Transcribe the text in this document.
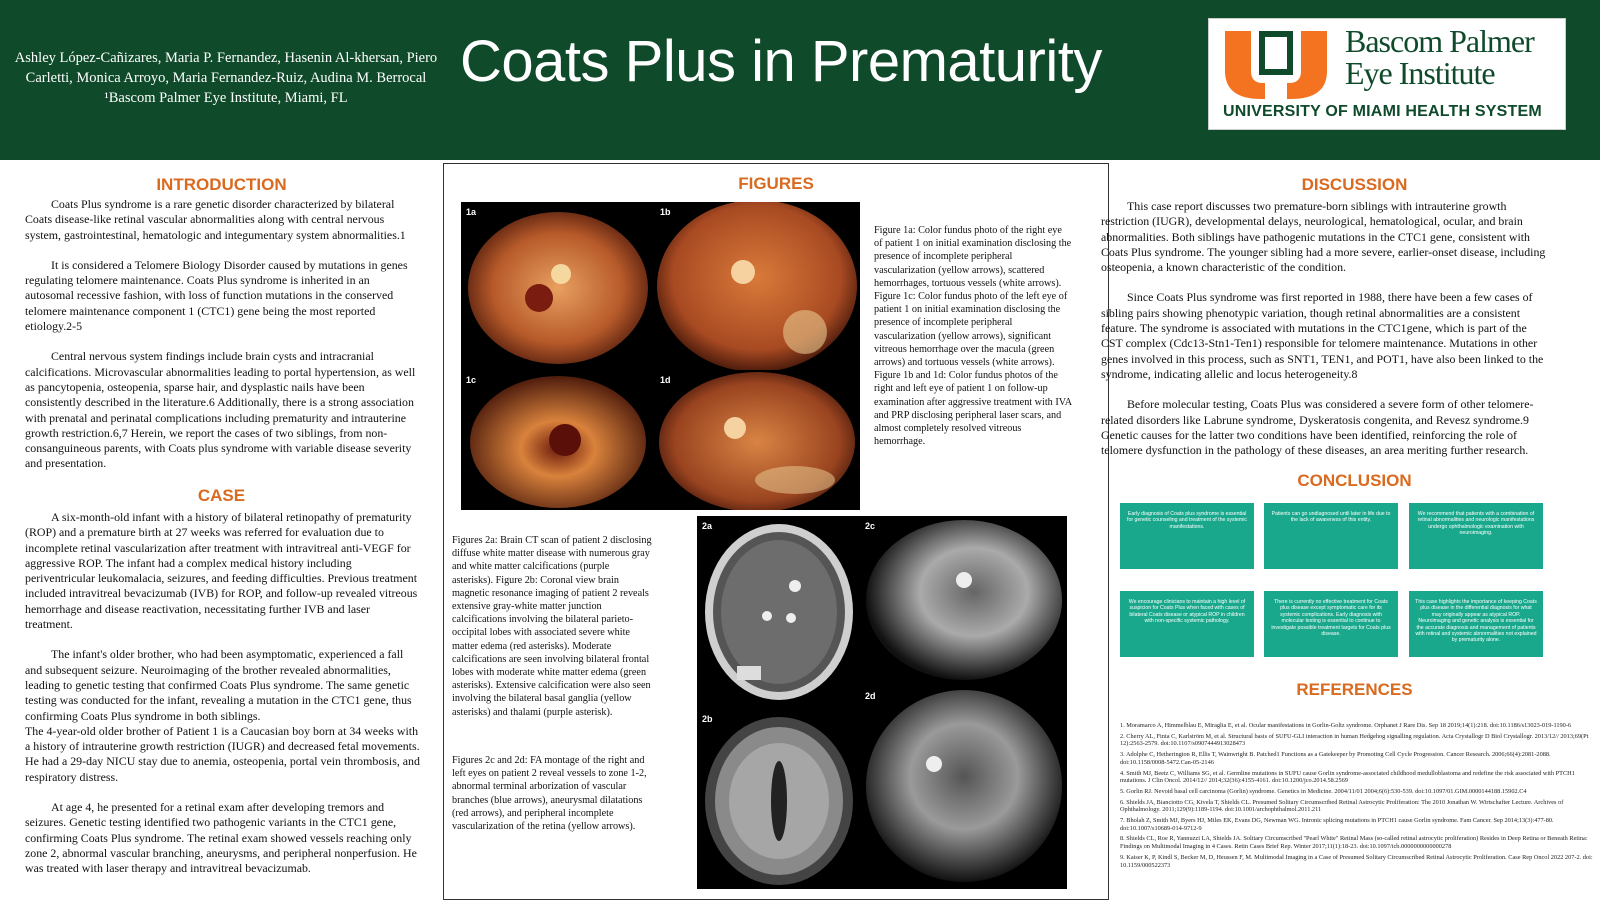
Ashley López-Cañizares, Maria P. Fernandez, Hasenin Al-khersan, Piero
Carletti, Monica Arroyo, Maria Fernandez-Ruiz, Audina M. Berrocal
¹Bascom Palmer Eye Institute, Miami, FL
Coats Plus in Prematurity	Bascom Palmer
Eye Institute
UNIVERSITY OF MIAMI HEALTH SYSTEM
INTRODUCTION

Coats Plus syndrome is a rare genetic disorder characterized by bilateral Coats disease-like retinal vascular abnormalities along with central nervous system, gastrointestinal, hematologic and integumentary system abnormalities.1

It is considered a Telomere Biology Disorder caused by mutations in genes regulating telomere maintenance. Coats Plus syndrome is inherited in an autosomal recessive fashion, with loss of function mutations in the conserved telomere maintenance component 1 (CTC1) gene being the most reported etiology.2-5

Central nervous system findings include brain cysts and intracranial calcifications. Microvascular abnormalities leading to portal hypertension, as well as pancytopenia, osteopenia, sparse hair, and dysplastic nails have been consistently described in the literature.6 Additionally, there is a strong association with prenatal and perinatal complications including prematurity and intrauterine growth restriction.6,7 Herein, we report the cases of two siblings, from non-consanguineous parents, with Coats plus syndrome with variable disease severity and presentation.

CASE

A six-month-old infant with a history of bilateral retinopathy of prematurity (ROP) and a premature birth at 27 weeks was referred for evaluation due to incomplete retinal vascularization after treatment with intravitreal anti-VEGF for aggressive ROP. The infant had a complex medical history including periventricular leukomalacia, seizures, and feeding difficulties. Previous treatment included intravitreal bevacizumab (IVB) for ROP, and follow-up revealed vitreous hemorrhage and disease reactivation, necessitating further IVB and laser treatment.

The infant's older brother, who had been asymptomatic, experienced a fall and subsequent seizure. Neuroimaging of the brother revealed abnormalities, leading to genetic testing that confirmed Coats Plus syndrome. The same genetic testing was conducted for the infant, revealing a mutation in the CTC1 gene, thus confirming Coats Plus syndrome in both siblings.

The 4-year-old older brother of Patient 1 is a Caucasian boy born at 34 weeks with a history of intrauterine growth restriction (IUGR) and decreased fetal movements. He had a 29-day NICU stay due to anemia, osteopenia, portal vein thrombosis, and respiratory distress.

At age 4, he presented for a retinal exam after developing tremors and seizures. Genetic testing identified two pathogenic variants in the CTC1 gene, confirming Coats Plus syndrome. The retinal exam showed vessels reaching only zone 2, abnormal vascular branching, aneurysms, and peripheral nonperfusion. He was treated with laser therapy and intravitreal bevacizumab.

FIGURES
1a	1b
1c	1d
Figure 1a: Color fundus photo of the right eye of patient 1 on initial examination disclosing the presence of incomplete peripheral vascularization (yellow arrows), scattered hemorrhages, tortuous vessels (white arrows). Figure 1c: Color fundus photo of the left eye of patient 1 on initial examination disclosing the presence of incomplete peripheral vascularization (yellow arrows), significant vitreous hemorrhage over the macula (green arrows) and tortuous vessels (white arrows). Figure 1b and 1d: Color fundus photos of the right and left eye of patient 1 on follow-up examination after aggressive treatment with IVA and PRP disclosing peripheral laser scars, and almost completely resolved vitreous hemorrhage.
Figures 2a: Brain CT scan of patient 2 disclosing diffuse white matter disease with numerous gray and white matter calcifications (purple asterisks). Figure 2b: Coronal view brain magnetic resonance imaging of patient 2 reveals extensive gray-white matter junction calcifications involving the bilateral parieto-occipital lobes with associated severe white matter edema (red asterisks). Moderate calcifications are seen involving bilateral frontal lobes with moderate white matter edema (green asterisks). Extensive calcification were also seen involving the bilateral basal ganglia (yellow asterisks) and thalami (purple asterisk).
Figures 2c and 2d: FA montage of the right and left eyes on patient 2 reveal vessels to zone 1-2, abnormal terminal arborization of vascular branches (blue arrows), aneurysmal dilatations (red arrows), and peripheral incomplete vascularization of the retina (yellow arrows).
2a
2b
2c
2d
DISCUSSION

This case report discusses two premature-born siblings with intrauterine growth restriction (IUGR), developmental delays, neurological, hematological, ocular, and brain abnormalities. Both siblings have pathogenic mutations in the CTC1 gene, consistent with Coats Plus syndrome. The younger sibling had a more severe, earlier-onset disease, including osteopenia, a known characteristic of the condition.

Since Coats Plus syndrome was first reported in 1988, there have been a few cases of sibling pairs showing phenotypic variation, though retinal abnormalities are a consistent feature. The syndrome is associated with mutations in the CTC1gene, which is part of the CST complex (Cdc13-Stn1-Ten1) responsible for telomere maintenance. Mutations in other genes involved in this process, such as SNT1, TEN1, and POT1, have also been linked to the syndrome, indicating allelic and locus heterogeneity.8

Before molecular testing, Coats Plus was considered a severe form of other telomere-related disorders like Labrune syndrome, Dyskeratosis congenita, and Revesz syndrome.9 Genetic causes for the latter two conditions have been identified, reinforcing the role of telomere dysfunction in the pathology of these diseases, an area meriting further research.

CONCLUSION
Early diagnosis of Coats plus syndrome is essential for genetic counseling and treatment of the systemic manifestations.
Patients can go undiagnosed until later in life due to the lack of awareness of this entity.
We recommend that patients with a combination of retinal abnormalities and neurologic manifestations undergo ophthalmologic examination with neuroimaging.
We encourage clinicians to maintain a high level of suspicion for Coats Plus when faced with cases of bilateral Coats disease or atypical ROP in children with non-specific systemic pathology.
There is currently no effective treatment for Coats plus disease except symptomatic care for its systemic complications. Early diagnosis with molecular testing is essential to continue to investigate possible treatment targets for Coats plus disease.
This case highlights the importance of keeping Coats plus disease in the differential diagnosis for what may originally appear as atypical ROP. Neuroimaging and genetic analysis is essential for the accurate diagnosis and management of patients with retinal and systemic abnormalities not explained by prematurity alone.
REFERENCES
1. Moramarco A, Himmelblau E, Miraglia E, et al. Ocular manifestations in Gorlin-Goltz syndrome. Orphanet J Rare Dis. Sep 18 2019;14(1):218. doi:10.1186/s13023-019-1190-6
2. Cherry AL, Finta C, Karlström M, et al. Structural basis of SUFU-GLI interaction in human Hedgehog signalling regulation. Acta Crystallogr D Biol Crystallogr. 2013/12// 2013;69(Pt 12):2563-2579. doi:10.1107/s0907444913028473
3. Adolphe C, Hetherington R, Ellis T, Wainwright B. Patched1 Functions as a Gatekeeper by Promoting Cell Cycle Progression. Cancer Research. 2006;66(4):2081-2088. doi:10.1158/0008-5472.Can-05-2146
4. Smith MJ, Beetz C, Williams SG, et al. Germline mutations in SUFU cause Gorlin syndrome-associated childhood medulloblastoma and redefine the risk associated with PTCH1 mutations. J Clin Oncol. 2014/12// 2014;32(36):4155-4161. doi:10.1200/jco.2014.58.2569
5. Gorlin RJ. Nevoid basal cell carcinoma (Gorlin) syndrome. Genetics in Medicine. 2004/11/01 2004;6(6):530-539. doi:10.1097/01.GIM.0000144188.15902.C4
6. Shields JA, Bianciotto CG, Kivela T, Shields CL. Presumed Solitary Circumscribed Retinal Astrocytic Proliferation: The 2010 Jonathan W. Wirtschafter Lecture. Archives of Ophthalmology. 2011;129(9):1189-1194. doi:10.1001/archophthalmol.2011.211
7. Bholah Z, Smith MJ, Byers HJ, Miles EK, Evans DG, Newman WG. Intronic splicing mutations in PTCH1 cause Gorlin syndrome. Fam Cancer. Sep 2014;13(3):477-80. doi:10.1007/s10689-014-9712-9
8. Shields CL, Roe R, Yannuzzi LA, Shields JA. Solitary Circumscribed "Pearl White" Retinal Mass (so-called retinal astrocytic proliferation) Resides in Deep Retina or Beneath Retina: Findings on Multimodal Imaging in 4 Cases. Retin Cases Brief Rep. Winter 2017;11(1):18-23. doi:10.1097/icb.0000000000000278
9. Kaiser K, P, Kindl S, Becker M, D, Heussen F, M. Multimodal Imaging in a Case of Presumed Solitary Circumscribed Retinal Astrocytic Proliferation. Case Rep Oncol 2022 207-2. doi: 10.1159/000522373
